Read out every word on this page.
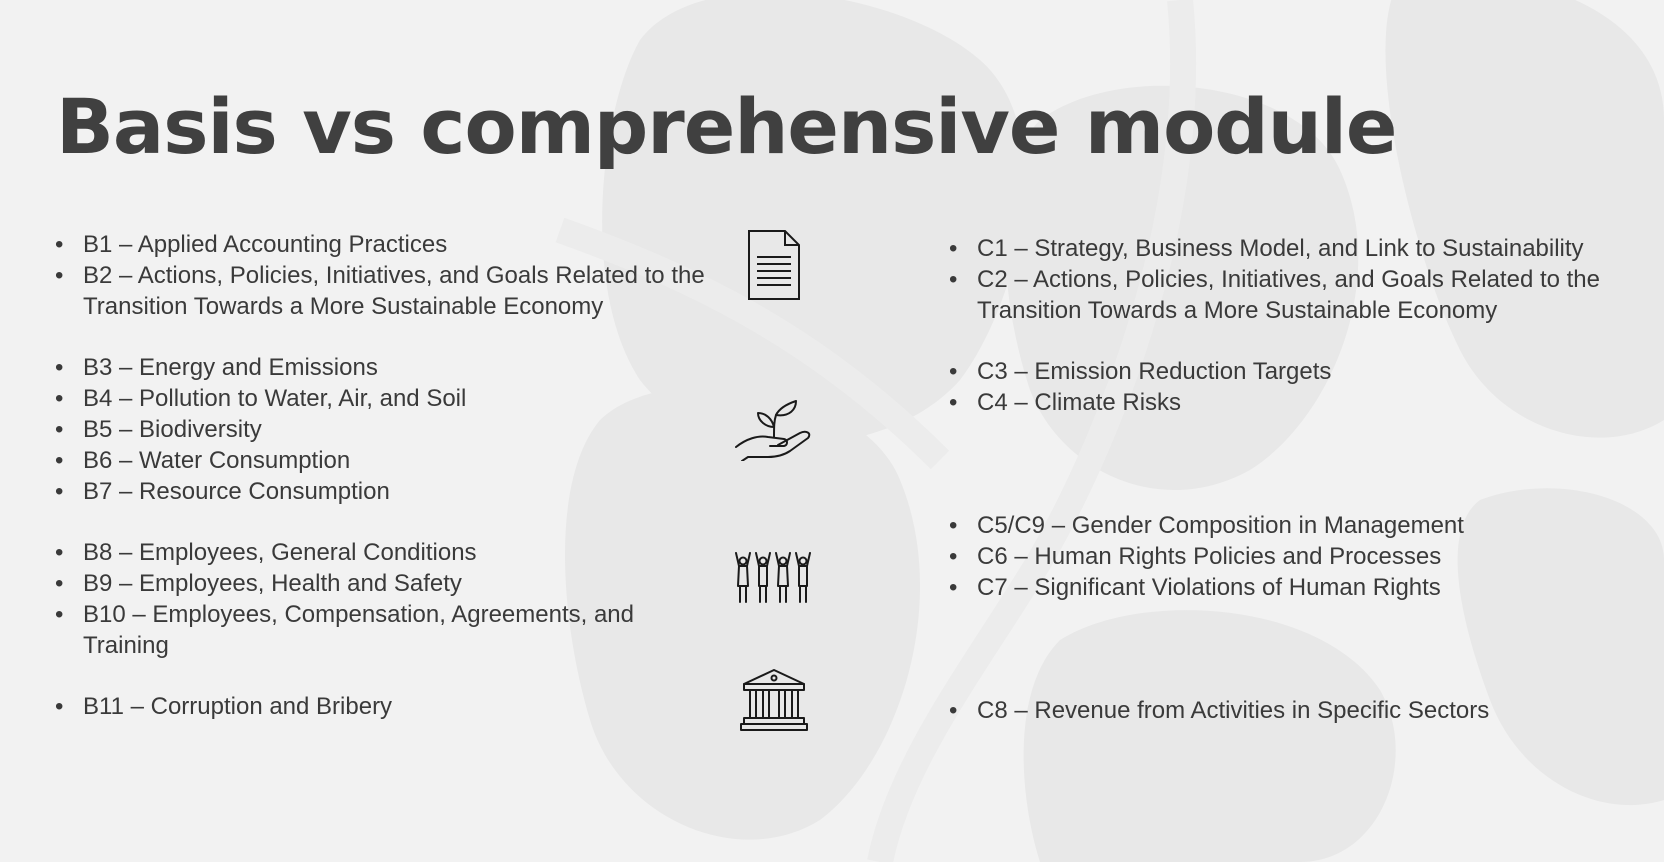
Basis vs comprehensive module
• B1 – Applied Accounting Practices
• B2 – Actions, Policies, Initiatives, and Goals Related to the Transition Towards a More Sustainable Economy
• B3 – Energy and Emissions
• B4 – Pollution to Water, Air, and Soil
• B5 – Biodiversity
• B6 – Water Consumption
• B7 – Resource Consumption
• B8 – Employees, General Conditions
• B9 – Employees, Health and Safety
• B10 – Employees, Compensation, Agreements, and Training
• B11 – Corruption and Bribery
• C1 – Strategy, Business Model, and Link to Sustainability
• C2 – Actions, Policies, Initiatives, and Goals Related to the Transition Towards a More Sustainable Economy
• C3 – Emission Reduction Targets
• C4 – Climate Risks
• C5/C9 – Gender Composition in Management
• C6 – Human Rights Policies and Processes
• C7 – Significant Violations of Human Rights
• C8 – Revenue from Activities in Specific Sectors
